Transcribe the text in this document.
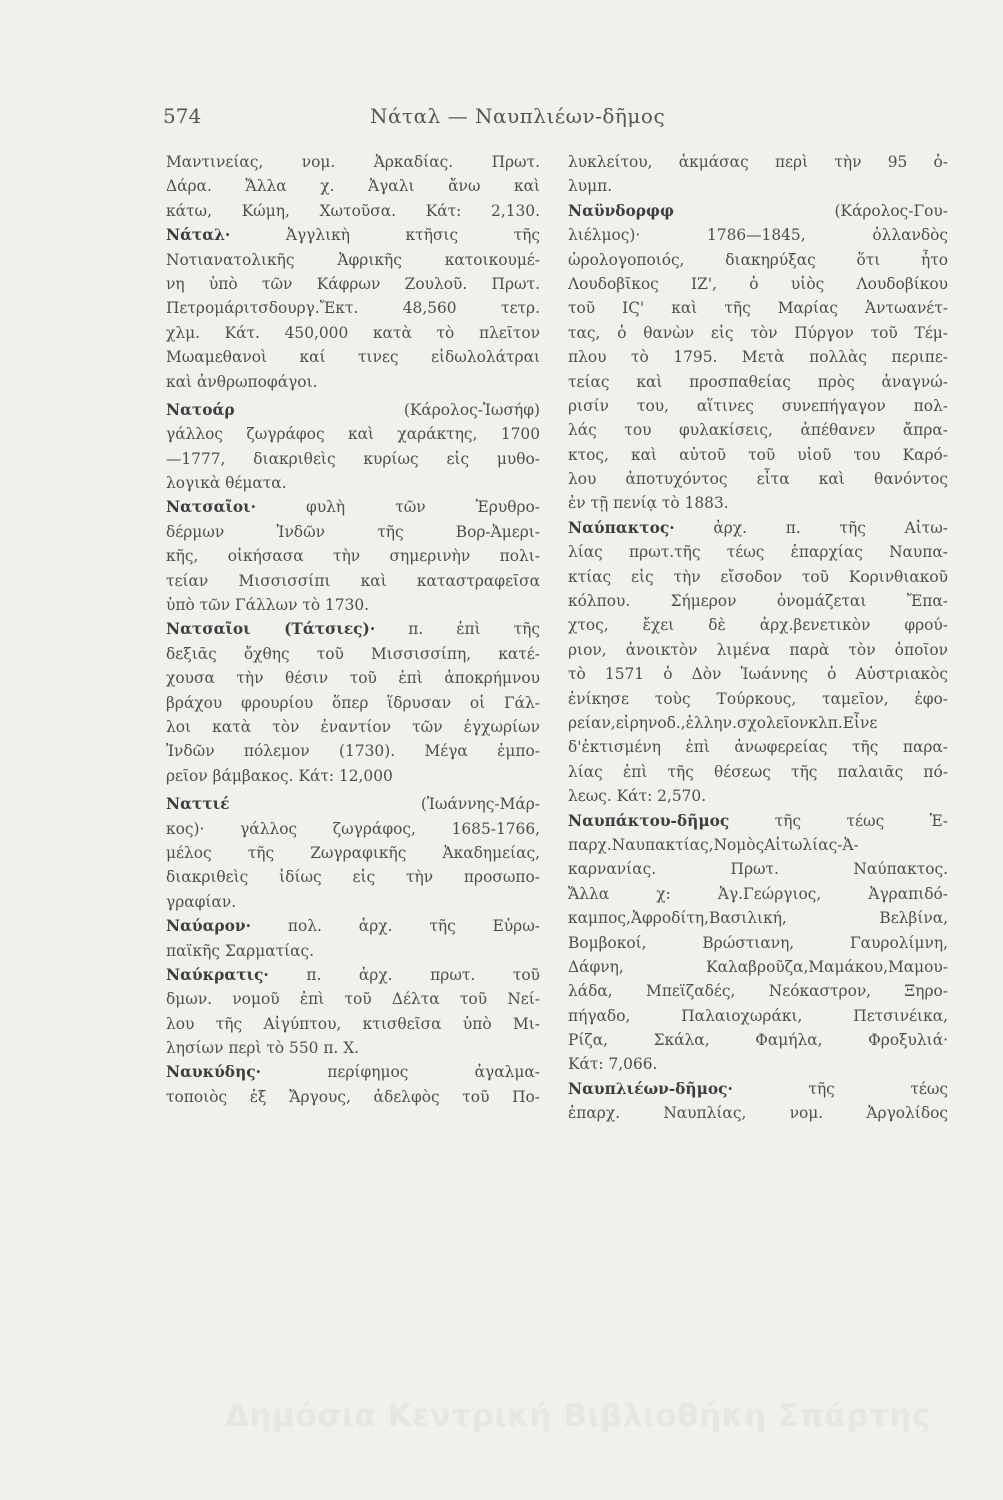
574	Νάταλ — Ναυπλιέων-δῆμος
Μαντινείας, νομ. Ἀρκαδίας. Πρωτ.
Δάρα. Ἄλλα χ. Ἀγαλι ἄνω καὶ
κάτω, Κώμη, Χωτοῦσα. Κάτ: 2,130.
Νάταλ· Ἀγγλικὴ κτῆσις τῆς
Νοτιανατολικῆς Ἀφρικῆς κατοικουμέ-
νη ὑπὸ τῶν Κάφρων Ζουλοῦ. Πρωτ.
Πετρομάριτσδουργ.Ἔκτ. 48,560 τετρ.
χλμ. Κάτ. 450,000 κατὰ τὸ πλεῖτον
Μωαμεθανοὶ καί τινες εἰδωλολάτραι
καὶ ἀνθρωποφάγοι.
Νατοάρ (Κάρολος-Ἰωσήφ)
γάλλος ζωγράφος καὶ χαράκτης, 1700
—1777, διακριθεὶς κυρίως εἰς μυθο-
λογικὰ θέματα.
Νατσαῖοι· φυλὴ τῶν Ἐρυθρο-
δέρμων Ἰνδῶν τῆς Βορ-Ἀμερι-
κῆς, οἰκήσασα τὴν σημερινὴν πολι-
τείαν Μισσισσίπι καὶ καταστραφεῖσα
ὑπὸ τῶν Γάλλων τὸ 1730.
Νατσαῖοι (Τάτσιες)· π. ἐπὶ τῆς
δεξιᾶς ὄχθης τοῦ Μισσισσίπη, κατέ-
χουσα τὴν θέσιν τοῦ ἐπὶ ἀποκρήμνου
βράχου φρουρίου ὅπερ ἵδρυσαν οἱ Γάλ-
λοι κατὰ τὸν ἐναντίον τῶν ἐγχωρίων
Ἰνδῶν πόλεμον (1730). Μέγα ἐμπο-
ρεῖον βάμβακος. Κάτ: 12,000
Ναττιέ (Ἰωάννης-Μάρ-
κος)· γάλλος ζωγράφος, 1685-1766,
μέλος τῆς Ζωγραφικῆς Ἀκαδημείας,
διακριθεὶς ἰδίως εἰς τὴν προσωπο-
γραφίαν.
Ναύαρον· πολ. ἀρχ. τῆς Εὐρω-
παϊκῆς Σαρματίας.
Ναύκρατις· π. ἀρχ. πρωτ. τοῦ
δμων. νομοῦ ἐπὶ τοῦ Δέλτα τοῦ Νεί-
λου τῆς Αἰγύπτου, κτισθεῖσα ὑπὸ Μι-
λησίων περὶ τὸ 550 π. Χ.
Ναυκύδης· περίφημος ἀγαλμα-
τοποιὸς ἐξ Ἄργους, ἀδελφὸς τοῦ Πο-
λυκλείτου, ἀκμάσας περὶ τὴν 95 ὀ-
λυμπ.
Ναϋνδορφφ (Κάρολος-Γου-
λιέλμος)· 1786—1845, ὀλλανδὸς
ὡρολογοποιός, διακηρύξας ὅτι ἦτο
Λουδοβῖκος ΙΖ', ὁ υἱὸς Λουδοβίκου
τοῦ ΙϚ' καὶ τῆς Μαρίας Ἀντωανέτ-
τας, ὁ θανὼν εἰς τὸν Πύργον τοῦ Τέμ-
πλου τὸ 1795. Μετὰ πολλὰς περιπε-
τείας καὶ προσπαθείας πρὸς ἀναγνώ-
ρισίν του, αἵτινες συνεπήγαγον πολ-
λάς του φυλακίσεις, ἀπέθανεν ἄπρα-
κτος, καὶ αὐτοῦ τοῦ υἱοῦ του Καρό-
λου ἀποτυχόντος εἶτα καὶ θανόντος
ἐν τῇ πενίᾳ τὸ 1883.
Ναύπακτος· ἀρχ. π. τῆς Αἰτω-
λίας πρωτ.τῆς τέως ἐπαρχίας Ναυπα-
κτίας εἰς τὴν εἴσοδον τοῦ Κορινθιακοῦ
κόλπου. Σήμερον ὀνομάζεται Ἔπα-
χτος, ἔχει δὲ ἀρχ.βενετικὸν φρού-
ριον, ἀνοικτὸν λιμένα παρὰ τὸν ὁποῖον
τὸ 1571 ὁ Δὸν Ἰωάννης ὁ Αὐστριακὸς
ἐνίκησε τοὺς Τούρκους, ταμεῖον, ἐφο-
ρείαν,εἰρηνοδ.,ἑλλην.σχολεῖονκλπ.Εἶνε
δ'ἐκτισμένη ἐπὶ ἀνωφερείας τῆς παρα-
λίας ἐπὶ τῆς θέσεως τῆς παλαιᾶς πό-
λεως. Κάτ: 2,570.
Ναυπάκτου-δῆμος τῆς τέως Ἐ-
παρχ.Ναυπακτίας,ΝομὸςΑἰτωλίας-Ἀ-
καρνανίας. Πρωτ. Ναύπακτος.
Ἄλλα χ: Ἀγ.Γεώργιος, Ἀγραπιδό-
καμπος,Ἀφροδίτη,Βασιλική, Βελβίνα,
Βομβοκοί, Βρώστιανη, Γαυρολίμνη,
Δάφνη, Καλαβροῦζα,Μαμάκου,Μαμου-
λάδα, Μπεϊζαδές, Νεόκαστρον, Ξηρο-
πήγαδο, Παλαιοχωράκι, Πετσινέικα,
Ρίζα, Σκάλα, Φαμήλα, Φροξυλιά·
Κάτ: 7,066.
Ναυπλιέων-δῆμος· τῆς τέως
ἐπαρχ. Ναυπλίας, νομ. Ἀργολίδος
Δημόσια Κεντρική Βιβλιοθήκη Σπάρτης
